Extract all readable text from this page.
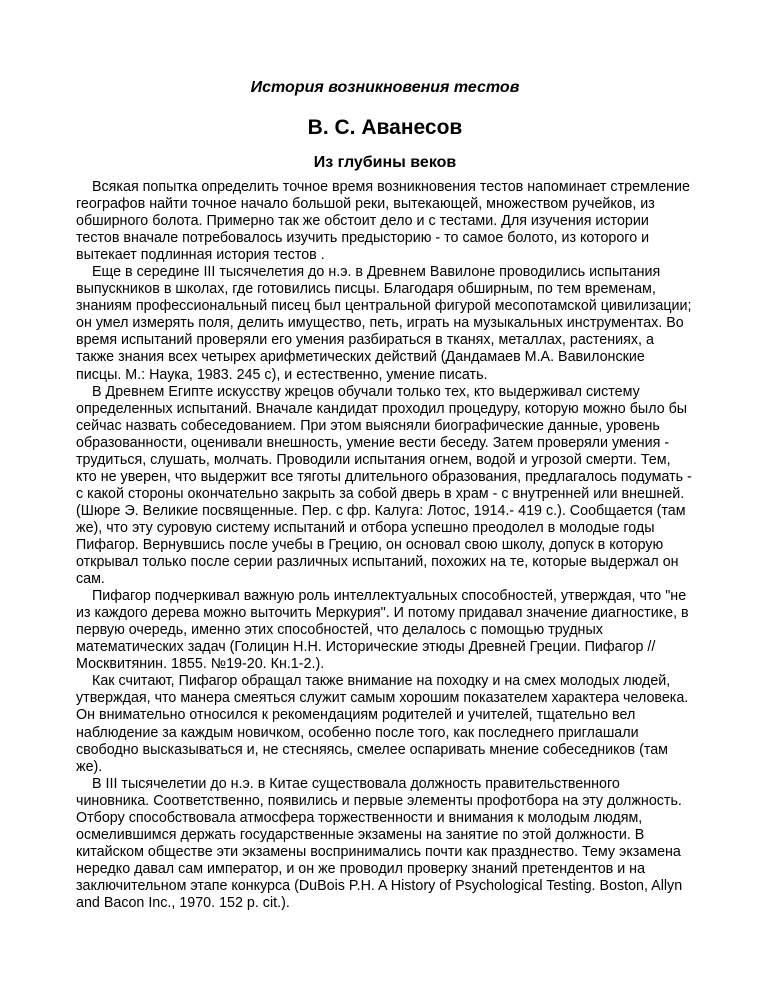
История возникновения тестов

В. С. Аванесов

Из глубины веков

Всякая попытка определить точное время возникновения тестов напоминает стремление географов найти точное начало большой реки, вытекающей, множеством ручейков, из обширного болота. Примерно так же обстоит дело и с тестами. Для изучения истории тестов вначале потребовалось изучить предысторию - то самое болото, из которого и вытекает подлинная история тестов .

Еще в середине III тысячелетия до н.э. в Древнем Вавилоне проводились испытания выпускников в школах, где готовились писцы. Благодаря обширным, по тем временам, знаниям профессиональный писец был центральной фигурой месопотамской цивилизации; он умел измерять поля, делить имущество, петь, играть на музыкальных инструментах. Во время испытаний проверяли его умения разбираться в тканях, металлах, растениях, а также знания всех четырех арифметических действий (Дандамаев М.А. Вавилонские писцы. М.: Наука, 1983. 245 с), и естественно, умение писать.

В Древнем Египте искусству жрецов обучали только тех, кто выдерживал систему определенных испытаний. Вначале кандидат проходил процедуру, которую можно было бы сейчас назвать собеседованием. При этом выясняли биографические данные, уровень образованности, оценивали внешность, умение вести беседу. Затем проверяли умения - трудиться, слушать, молчать. Проводили испытания огнем, водой и угрозой смерти. Тем, кто не уверен, что выдержит все тяготы длительного образования, предлагалось подумать - с какой стороны окончательно закрыть за собой дверь в храм - с внутренней или внешней. (Шюре Э. Великие посвященные. Пер. с фр. Калуга: Лотос, 1914.- 419 с.). Сообщается (там же), что эту суровую систему испытаний и отбора успешно преодолел в молодые годы Пифагор. Вернувшись после учебы в Грецию, он основал свою школу, допуск в которую открывал только после серии различных испытаний, похожих на те, которые выдержал он сам.

Пифагор подчеркивал важную роль интеллектуальных способностей, утверждая, что "не из каждого дерева можно выточить Меркурия". И потому придавал значение диагностике, в первую очередь, именно этих способностей, что делалось с помощью трудных математических задач (Голицин Н.Н. Исторические этюды Древней Греции. Пифагор // Москвитянин. 1855. №19-20. Кн.1-2.).

Как считают, Пифагор обращал также внимание на походку и на смех молодых людей, утверждая, что манера смеяться служит самым хорошим показателем характера человека. Он внимательно относился к рекомендациям родителей и учителей, тщательно вел наблюдение за каждым новичком, особенно после того, как последнего приглашали свободно высказываться и, не стесняясь, смелее оспаривать мнение собеседников (там же).

В III тысячелетии до н.э. в Китае существовала должность правительственного чиновника. Соответственно, появились и первые элементы профотбора на эту должность. Отбору способствовала атмосфера торжественности и внимания к молодым людям, осмелившимся держать государственные экзамены на занятие по этой должности. В китайском обществе эти экзамены воспринимались почти как празднество. Тему экзамена нередко давал сам император, и он же проводил проверку знаний претендентов и на заключительном этапе конкурса (DuBois P.H. A History of Psychological Testing. Boston, Allyn and Bacon Inc., 1970. 152 p. cit.).
